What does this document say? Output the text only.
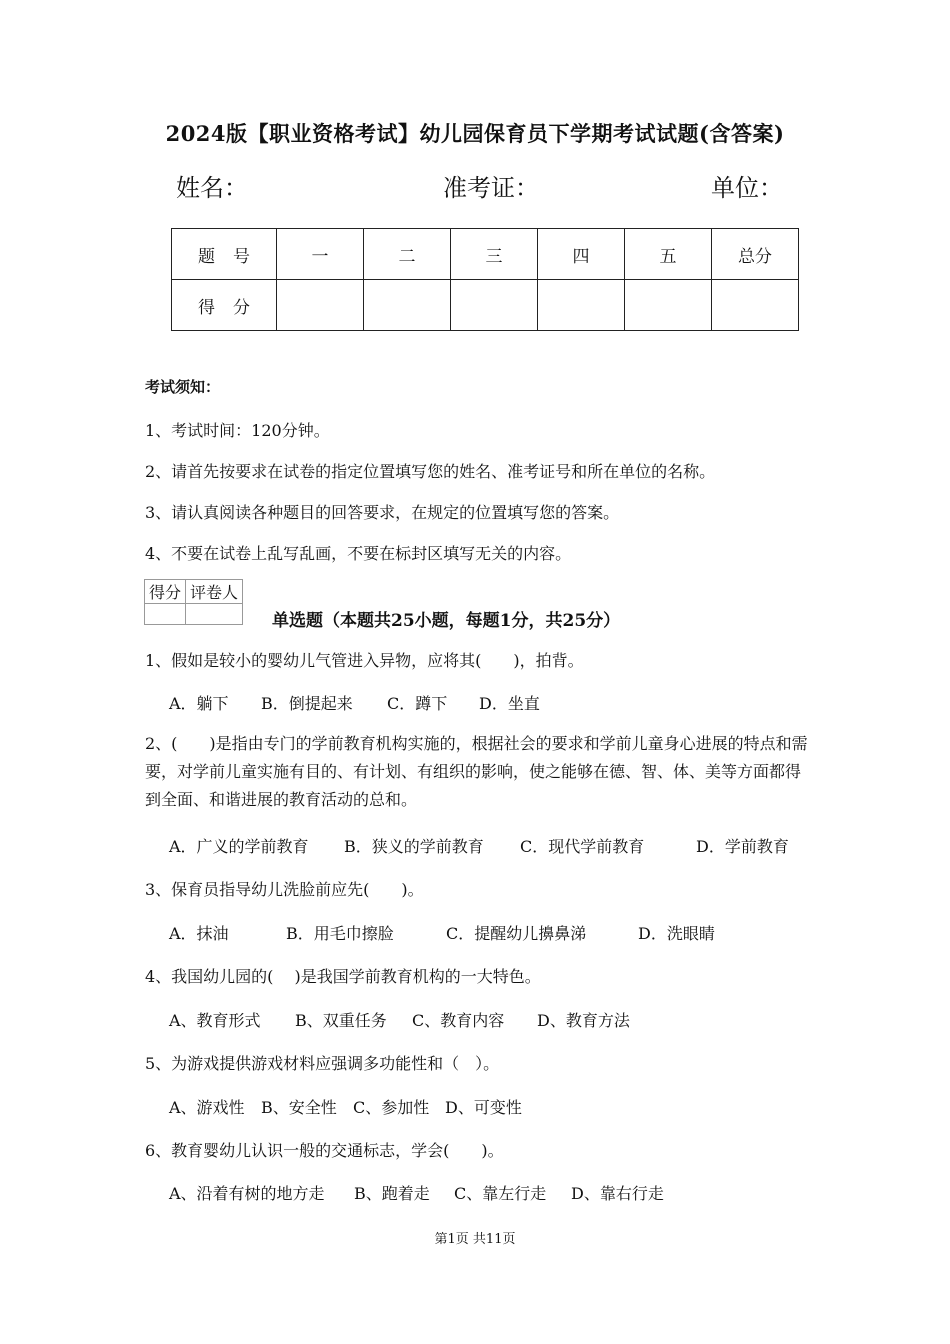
2024版【职业资格考试】幼儿园保育员下学期考试试题(含答案)
姓名：	准考证：	单位：
题号	一	二	三	四	五	总分
得分						
考试须知：
1、考试时间：120分钟。
2、请首先按要求在试卷的指定位置填写您的姓名、准考证号和所在单位的名称。
3、请认真阅读各种题目的回答要求，在规定的位置填写您的答案。
4、不要在试卷上乱写乱画，不要在标封区填写无关的内容。
得分	评卷人

单选题（本题共25小题，每题1分，共25分）
1、假如是较小的婴幼儿气管进入异物，应将其(　　)，拍背。
A．躺下 B．倒提起来 C．蹲下 D．坐直
2、(　　)是指由专门的学前教育机构实施的，根据社会的要求和学前儿童身心进展的特点和需要，对学前儿童实施有目的、有计划、有组织的影响，使之能够在德、智、体、美等方面都得到全面、和谐进展的教育活动的总和。
A．广义的学前教育 B．狭义的学前教育 C．现代学前教育	D．学前教育
3、保育员指导幼儿洗脸前应先(　　)。
A．抹油	B．用毛巾擦脸	C．提醒幼儿擤鼻涕	D．洗眼睛
4、我国幼儿园的(　 )是我国学前教育机构的一大特色。
A、教育形式 B、双重任务 C、教育内容 D、教育方法
5、为游戏提供游戏材料应强调多功能性和（　）。
A、游戏性 B、安全性 C、参加性 D、可变性
6、教育婴幼儿认识一般的交通标志，学会(　　)。
A、沿着有树的地方走 B、跑着走 C、靠左行走 D、靠右行走
第1页 共11页
